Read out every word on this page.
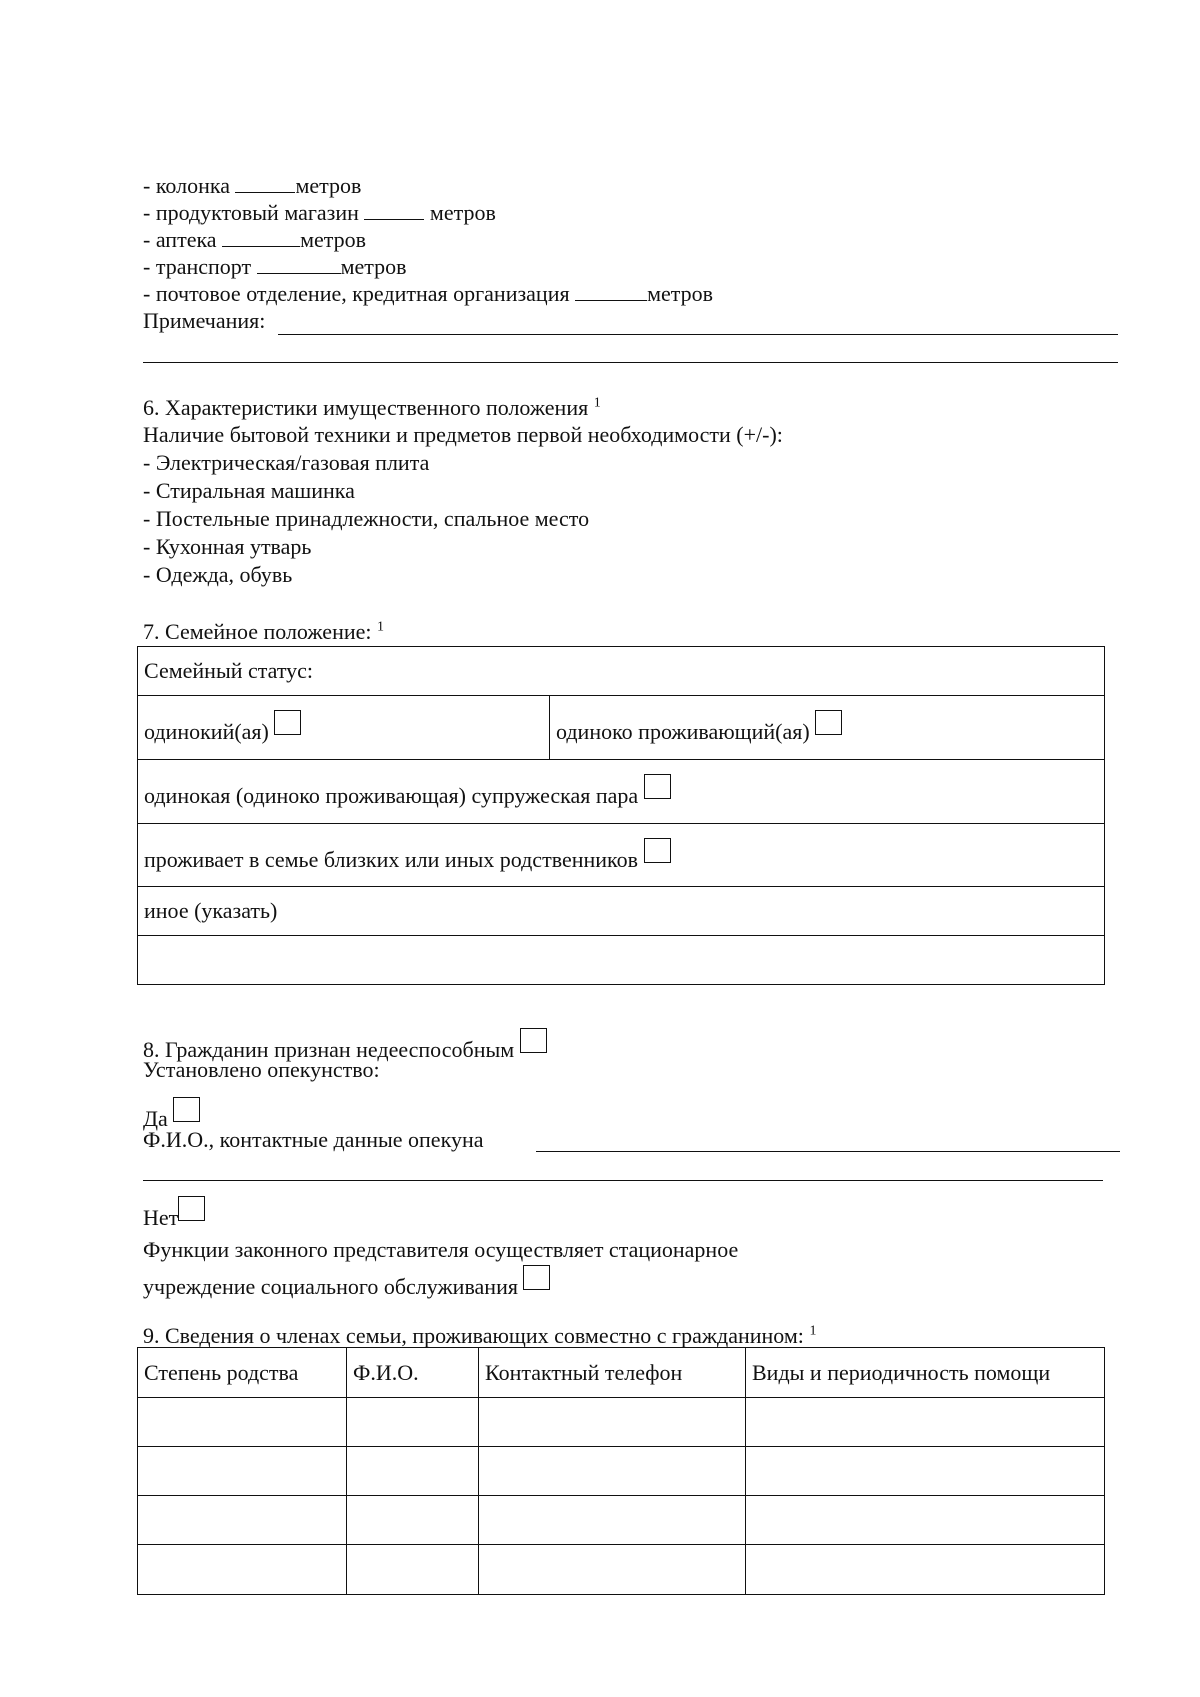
- колонка	метров
- продуктовый магазин	метров
- аптека	метров
- транспорт	метров
- почтовое отделение, кредитная организация	метров
Примечания:
6. Характеристики имущественного положения $^1$
Наличие бытовой техники и предметов первой необходимости (+/-):
- Электрическая/газовая плита
- Стиральная машинка
- Постельные принадлежности, спальное место
- Кухонная утварь
- Одежда, обувь
7. Семейное положение: $^1$
Семейный статус:
одинокий(ая)	одиноко проживающий(ая)
одинокая (одиноко проживающая) супружеская пара
проживает в семье близких или иных родственников
иное (указать)

8. Гражданин признан недееспособным
Установлено опекунство:
Да
Ф.И.О., контактные данные опекуна
Нет
Функции законного представителя осуществляет стационарное
учреждение социального обслуживания
9. Сведения о членах семьи, проживающих совместно с гражданином: $^1$
Степень родства	Ф.И.О.	Контактный телефон	Виды и периодичность помощи
